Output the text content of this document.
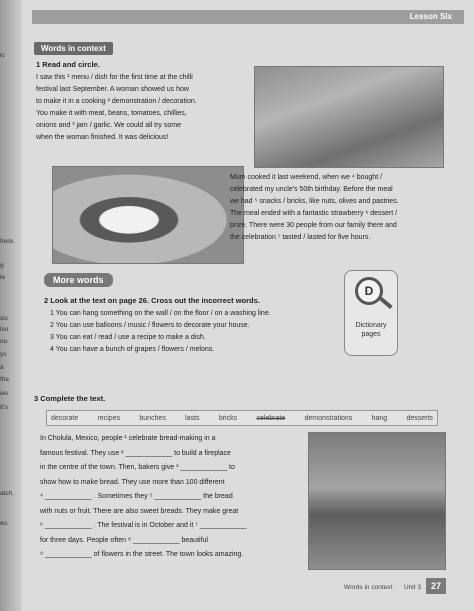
ic
here.
g
le
sic
lso
ou
ys
a
the
ies
It's
atch.
es.
Lesson Six
Words in context
1 Read and circle.

I saw this ¹ menu / dish for the first time at the chilli

festival last September. A woman showed us how

to make it in a cooking ² demonstration / decoration.

You make it with meat, beans, tomatoes, chillies,

onions and ³ jam / garlic. We could all try some

when the woman finished. It was delicious!

Mum cooked it last weekend, when we ⁴ bought /

celebrated my uncle's 50th birthday. Before the meal

we had ⁵ snacks / bricks, like nuts, olives and pastries.

The meal ended with a fantastic strawberry ⁶ dessert /

prize. There were 30 people from our family there and

the celebration ⁷ tasted / lasted for five hours.

More words
2 Look at the text on page 26. Cross out the incorrect words.

1 You can hang something on the wall / on the floor / on a washing line.

2 You can use balloons / music / flowers to decorate your house.

3 You can eat / read / use a recipe to make a dish.

4 You can have a bunch of grapes / flowers / melons.

D
Dictionary pages
3 Complete the text.
decorate	recipes	bunches	lasts	bricks	celebrate	demonstrations	hang	desserts

In Cholula, Mexico, people ¹ celebrate bread-making in a

famous festival. They use ² ____________ to build a fireplace

in the centre of the town. Then, bakers give ³ ____________ to

show how to make bread. They use more than 100 different

⁴ ____________ . Sometimes they ⁵ ____________ the bread

with nuts or fruit. There are also sweet breads. They make great

⁶ ____________ . The festival is in October and it ⁷ ____________

for three days. People often ⁸ ____________ beautiful

⁹ ____________ of flowers in the street. The town looks amazing.

Words in context Unit 3	27
